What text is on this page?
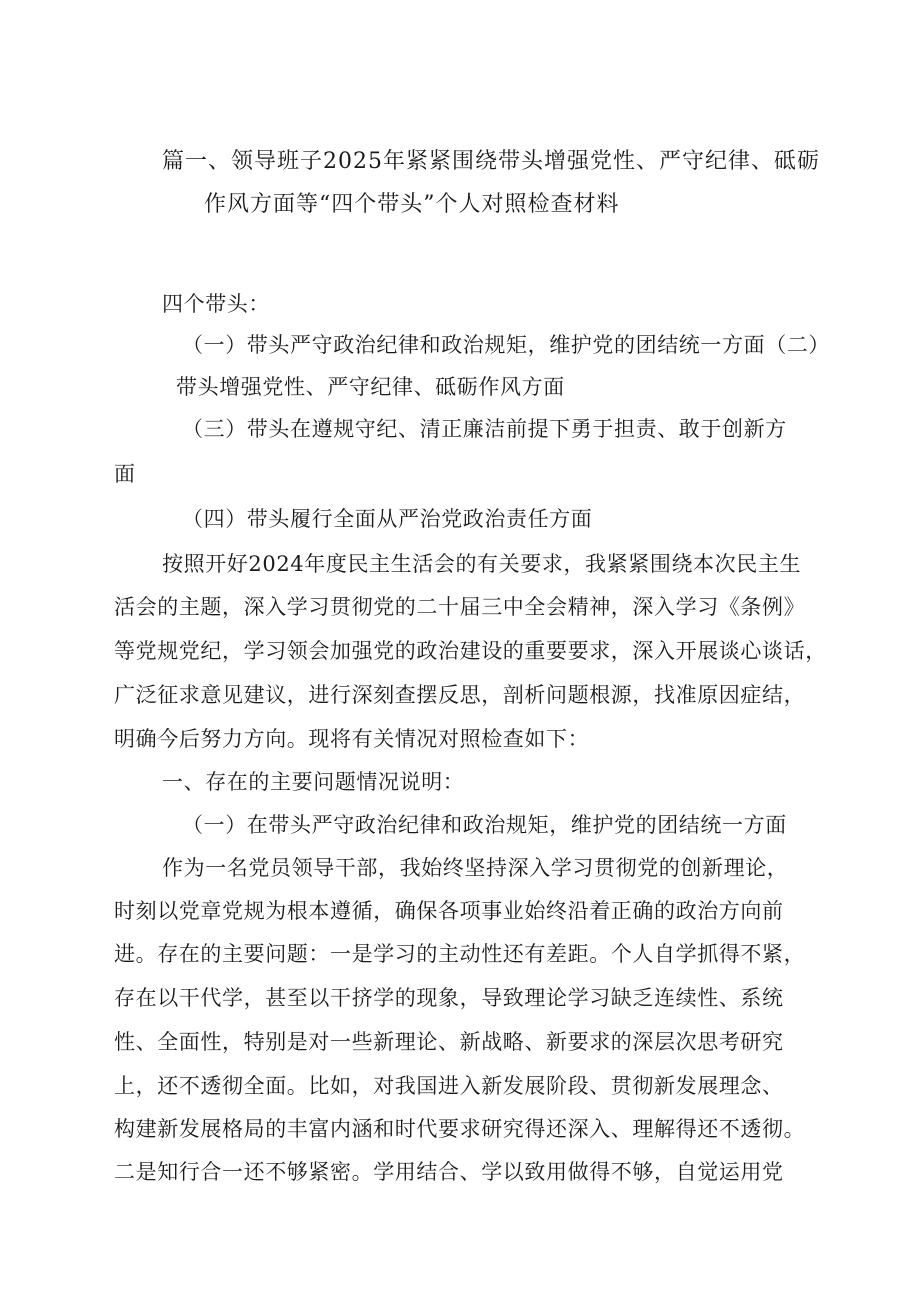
篇一、领导班子2025年紧紧围绕带头增强党性、严守纪律、砥砺
作风方面等“四个带头”个人对照检查材料
四个带头：
（一）带头严守政治纪律和政治规矩，维护党的团结统一方面（二）
带头增强党性、严守纪律、砥砺作风方面
（三）带头在遵规守纪、清正廉洁前提下勇于担责、敢于创新方
面
（四）带头履行全面从严治党政治责任方面
按照开好2024年度民主生活会的有关要求，我紧紧围绕本次民主生
活会的主题，深入学习贯彻党的二十届三中全会精神，深入学习《条例》
等党规党纪，学习领会加强党的政治建设的重要要求，深入开展谈心谈话，
广泛征求意见建议，进行深刻查摆反思，剖析问题根源，找准原因症结，
明确今后努力方向。现将有关情况对照检查如下：
一、存在的主要问题情况说明：
（一）在带头严守政治纪律和政治规矩，维护党的团结统一方面
作为一名党员领导干部，我始终坚持深入学习贯彻党的创新理论，
时刻以党章党规为根本遵循，确保各项事业始终沿着正确的政治方向前
进。存在的主要问题：一是学习的主动性还有差距。个人自学抓得不紧，
存在以干代学，甚至以干挤学的现象，导致理论学习缺乏连续性、系统
性、全面性，特别是对一些新理论、新战略、新要求的深层次思考研究
上，还不透彻全面。比如，对我国进入新发展阶段、贯彻新发展理念、
构建新发展格局的丰富内涵和时代要求研究得还深入、理解得还不透彻。
二是知行合一还不够紧密。学用结合、学以致用做得不够，自觉运用党
